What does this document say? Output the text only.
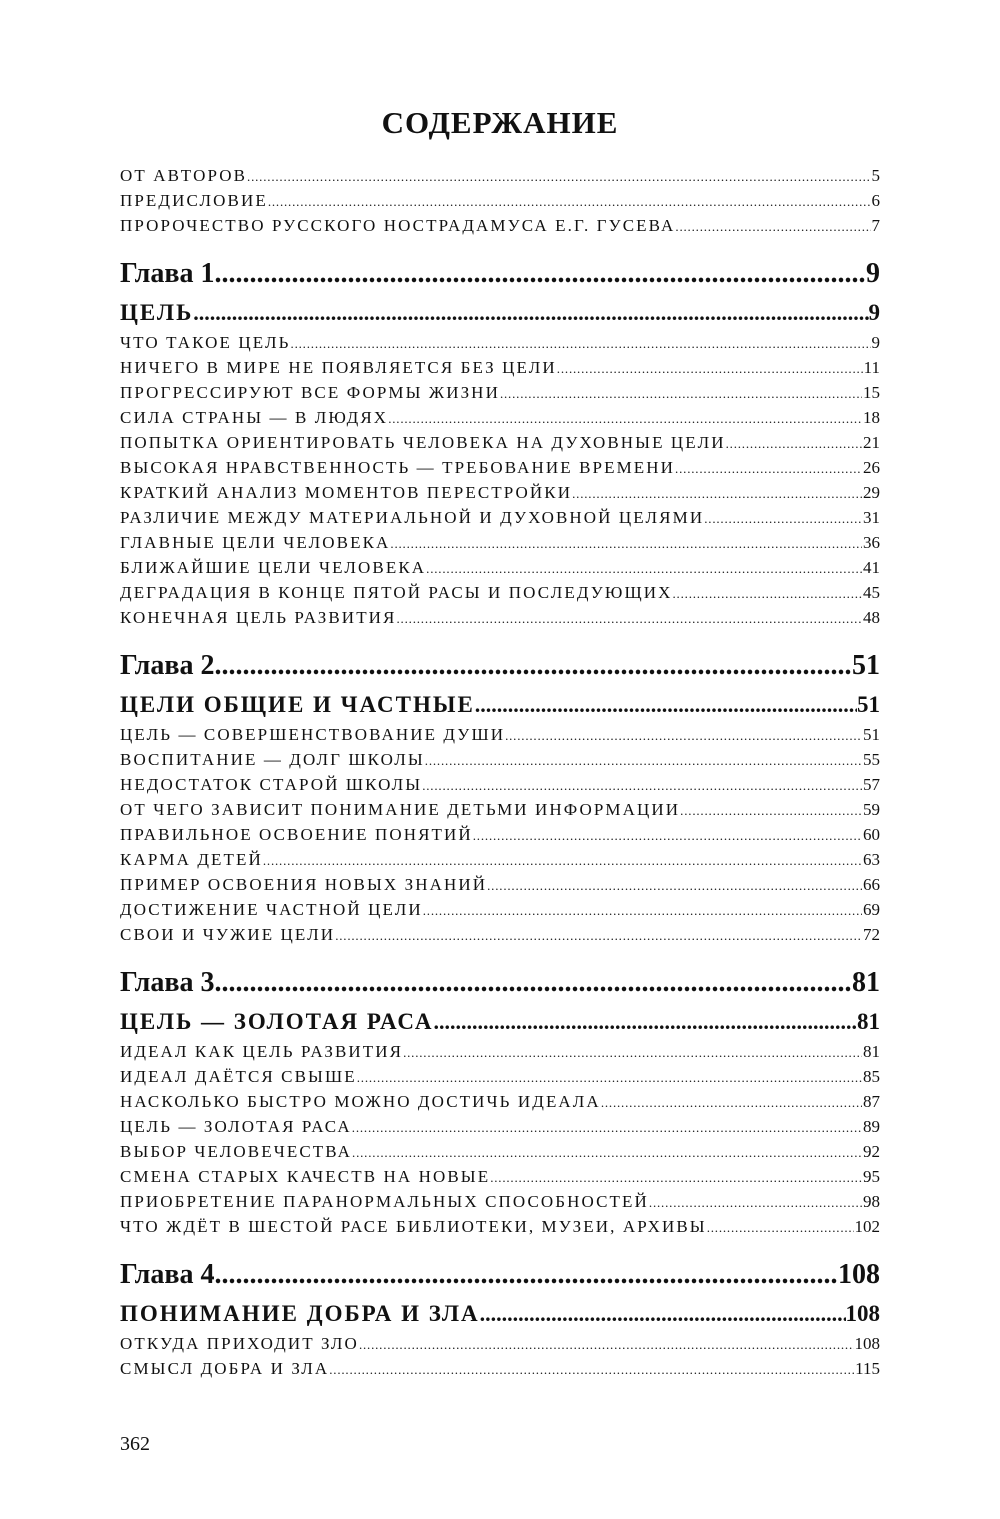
СОДЕРЖАНИЕ
ОТ АВТОРОВ .....	5
ПРЕДИСЛОВИЕ .....	6
ПРОРОЧЕСТВО РУССКОГО НОСТРАДАМУСА Е.Г. ГУСЕВА .....	7
Глава 1 .....	9
ЦЕЛЬ .....	9
ЧТО ТАКОЕ ЦЕЛЬ .....	9
НИЧЕГО В МИРЕ НЕ ПОЯВЛЯЕТСЯ БЕЗ ЦЕЛИ .....	11
ПРОГРЕССИРУЮТ ВСЕ ФОРМЫ ЖИЗНИ .....	15
СИЛА СТРАНЫ — В ЛЮДЯХ .....	18
ПОПЫТКА ОРИЕНТИРОВАТЬ ЧЕЛОВЕКА НА ДУХОВНЫЕ ЦЕЛИ .....	21
ВЫСОКАЯ НРАВСТВЕННОСТЬ — ТРЕБОВАНИЕ ВРЕМЕНИ .....	26
КРАТКИЙ АНАЛИЗ МОМЕНТОВ ПЕРЕСТРОЙКИ .....	29
РАЗЛИЧИЕ МЕЖДУ МАТЕРИАЛЬНОЙ И ДУХОВНОЙ ЦЕЛЯМИ .....	31
ГЛАВНЫЕ ЦЕЛИ ЧЕЛОВЕКА .....	36
БЛИЖАЙШИЕ ЦЕЛИ ЧЕЛОВЕКА .....	41
ДЕГРАДАЦИЯ В КОНЦЕ ПЯТОЙ РАСЫ И ПОСЛЕДУЮЩИХ .....	45
КОНЕЧНАЯ ЦЕЛЬ РАЗВИТИЯ .....	48
Глава 2 .....	51
ЦЕЛИ ОБЩИЕ И ЧАСТНЫЕ .....	51
ЦЕЛЬ — СОВЕРШЕНСТВОВАНИЕ ДУШИ .....	51
ВОСПИТАНИЕ — ДОЛГ ШКОЛЫ .....	55
НЕДОСТАТОК СТАРОЙ ШКОЛЫ .....	57
ОТ ЧЕГО ЗАВИСИТ ПОНИМАНИЕ ДЕТЬМИ ИНФОРМАЦИИ .....	59
ПРАВИЛЬНОЕ ОСВОЕНИЕ ПОНЯТИЙ .....	60
КАРМА ДЕТЕЙ .....	63
ПРИМЕР ОСВОЕНИЯ НОВЫХ ЗНАНИЙ .....	66
ДОСТИЖЕНИЕ ЧАСТНОЙ ЦЕЛИ .....	69
СВОИ И ЧУЖИЕ ЦЕЛИ .....	72
Глава 3 .....	81
ЦЕЛЬ — ЗОЛОТАЯ РАСА .....	81
ИДЕАЛ КАК ЦЕЛЬ РАЗВИТИЯ .....	81
ИДЕАЛ ДАЁТСЯ СВЫШЕ .....	85
НАСКОЛЬКО БЫСТРО МОЖНО ДОСТИЧЬ ИДЕАЛА .....	87
ЦЕЛЬ — ЗОЛОТАЯ РАСА .....	89
ВЫБОР ЧЕЛОВЕЧЕСТВА .....	92
СМЕНА СТАРЫХ КАЧЕСТВ НА НОВЫЕ .....	95
ПРИОБРЕТЕНИЕ ПАРАНОРМАЛЬНЫХ СПОСОБНОСТЕЙ .....	98
ЧТО ЖДЁТ В ШЕСТОЙ РАСЕ БИБЛИОТЕКИ, МУЗЕИ, АРХИВЫ .....	102
Глава 4 .....	108
ПОНИМАНИЕ ДОБРА И ЗЛА .....	108
ОТКУДА ПРИХОДИТ ЗЛО .....	108
СМЫСЛ ДОБРА И ЗЛА .....	115
362
